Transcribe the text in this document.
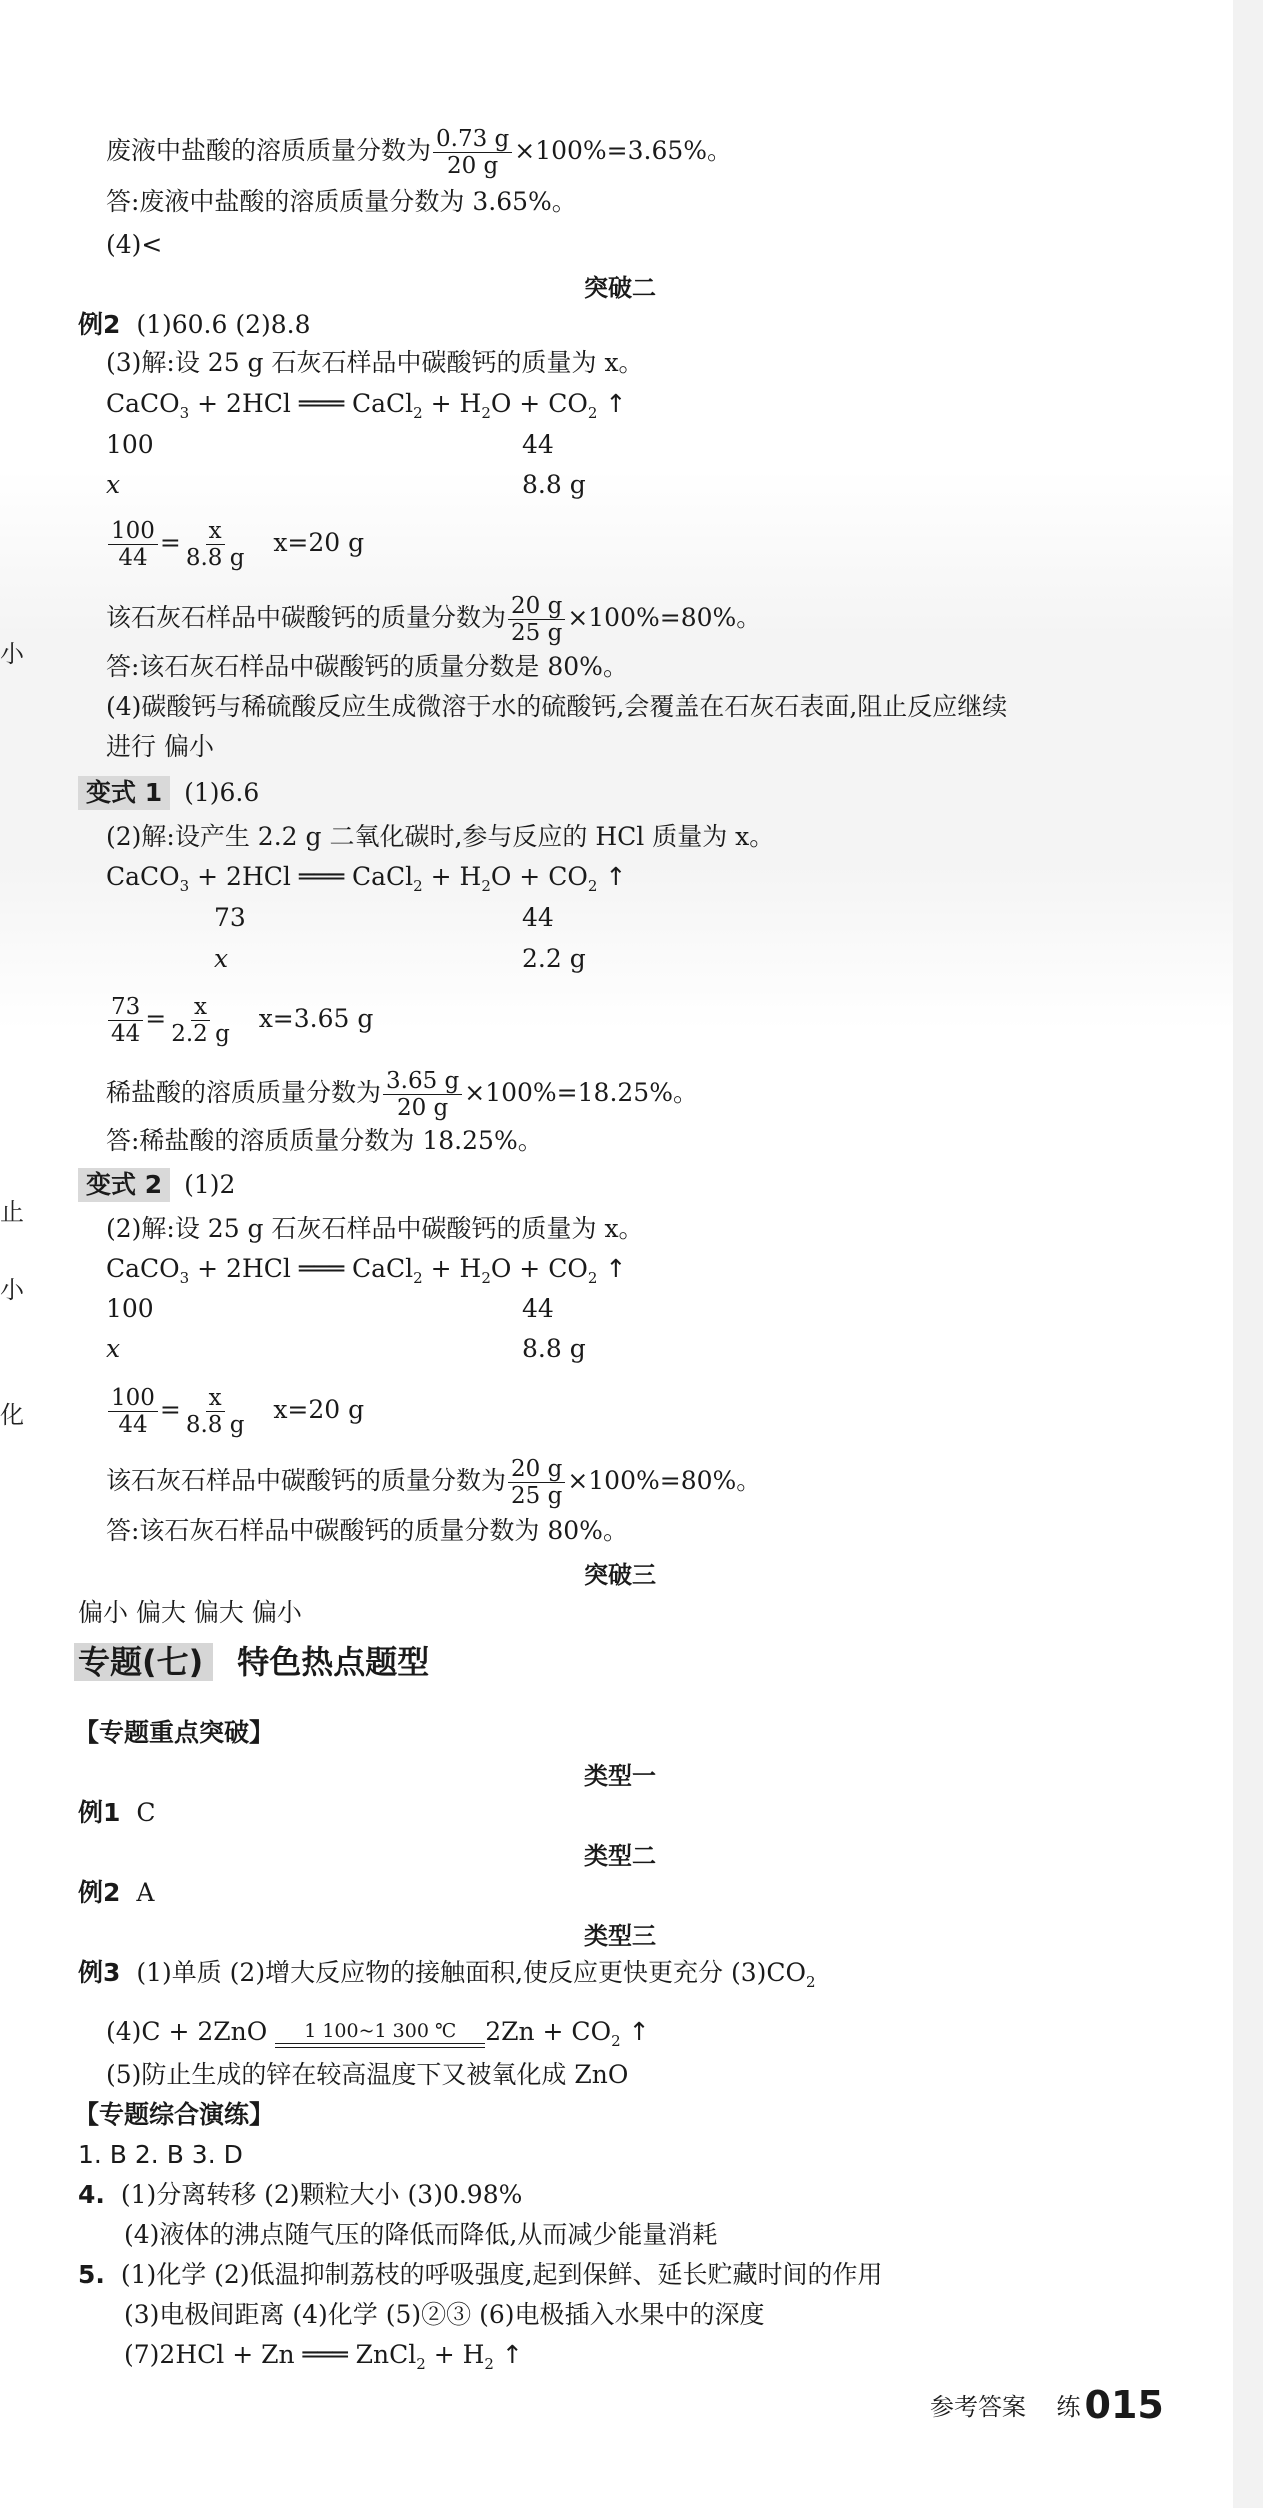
小
止
小
化
废液中盐酸的溶质质量分数为 $\frac{0.73 g}{20 g} \times 100\%=3.65\%$。
答:废液中盐酸的溶质质量分数为 3.65%。
(4)<
突破二
例2 (1)60.6 (2)8.8
(3)解:设 25 g 石灰石样品中碳酸钙的质量为 x。
CaCO$_3$ + 2HCl ═══ CaCl$_2$ + $H_2O + CO_2$ ↑
100	44
x	8.8 g
$\frac{100}{44} = \frac{x}{8.8 g} x=20$ g
该石灰石样品中碳酸钙的质量分数为 $\frac{20 g}{25 g} \times 100\%=80\%$。
答:该石灰石样品中碳酸钙的质量分数是 80%。
(4)碳酸钙与稀硫酸反应生成微溶于水的硫酸钙,会覆盖在石灰石表面,阻止反应继续
进行 偏小
变式 1 (1)6.6
(2)解:设产生 2.2 g 二氧化碳时,参与反应的 HCl 质量为 x。
CaCO$_3$ + 2HCl ═══ CaCl$_2$ + $H_2O + CO_2$ ↑
73	44
x	2.2 g
$\frac{73}{44} = \frac{x}{2.2 g} x=3.65$ g
稀盐酸的溶质质量分数为 $\frac{3.65 g}{20 g} \times 100\%=18.25\%$。
答:稀盐酸的溶质质量分数为 18.25%。
变式 2 (1)2
(2)解:设 25 g 石灰石样品中碳酸钙的质量为 x。
CaCO$_3$ + 2HCl ═══ CaCl$_2$ + $H_2O + CO_2$ ↑
100	44
x	8.8 g
$\frac{100}{44} = \frac{x}{8.8 g} x=20$ g
该石灰石样品中碳酸钙的质量分数为 $\frac{20 g}{25 g} \times 100\%=80\%$。
答:该石灰石样品中碳酸钙的质量分数为 80%。
突破三
偏小 偏大 偏大 偏小
专题(七) 特色热点题型
【专题重点突破】
类型一
例1 C
类型二
例2 A
类型三
例3 (1)单质 (2)增大反应物的接触面积,使反应更快更充分 $(3)CO_2$
(4)C + 2ZnO	1 100~1 300 ℃	$2Zn + CO_2$ ↑
(5)防止生成的锌在较高温度下又被氧化成 ZnO
【专题综合演练】
1. B 2. B 3. D
4. (1)分离转移 (2)颗粒大小 (3)0.98%
(4)液体的沸点随气压的降低而降低,从而减少能量消耗
5. (1)化学 (2)低温抑制荔枝的呼吸强度,起到保鲜、延长贮藏时间的作用
(3)电极间距离 (4)化学 (5)②③ (6)电极插入水果中的深度
(7)2HCl + Zn ═══ ZnCl$_2$ + $H_2$ ↑
参考答案 练 015
